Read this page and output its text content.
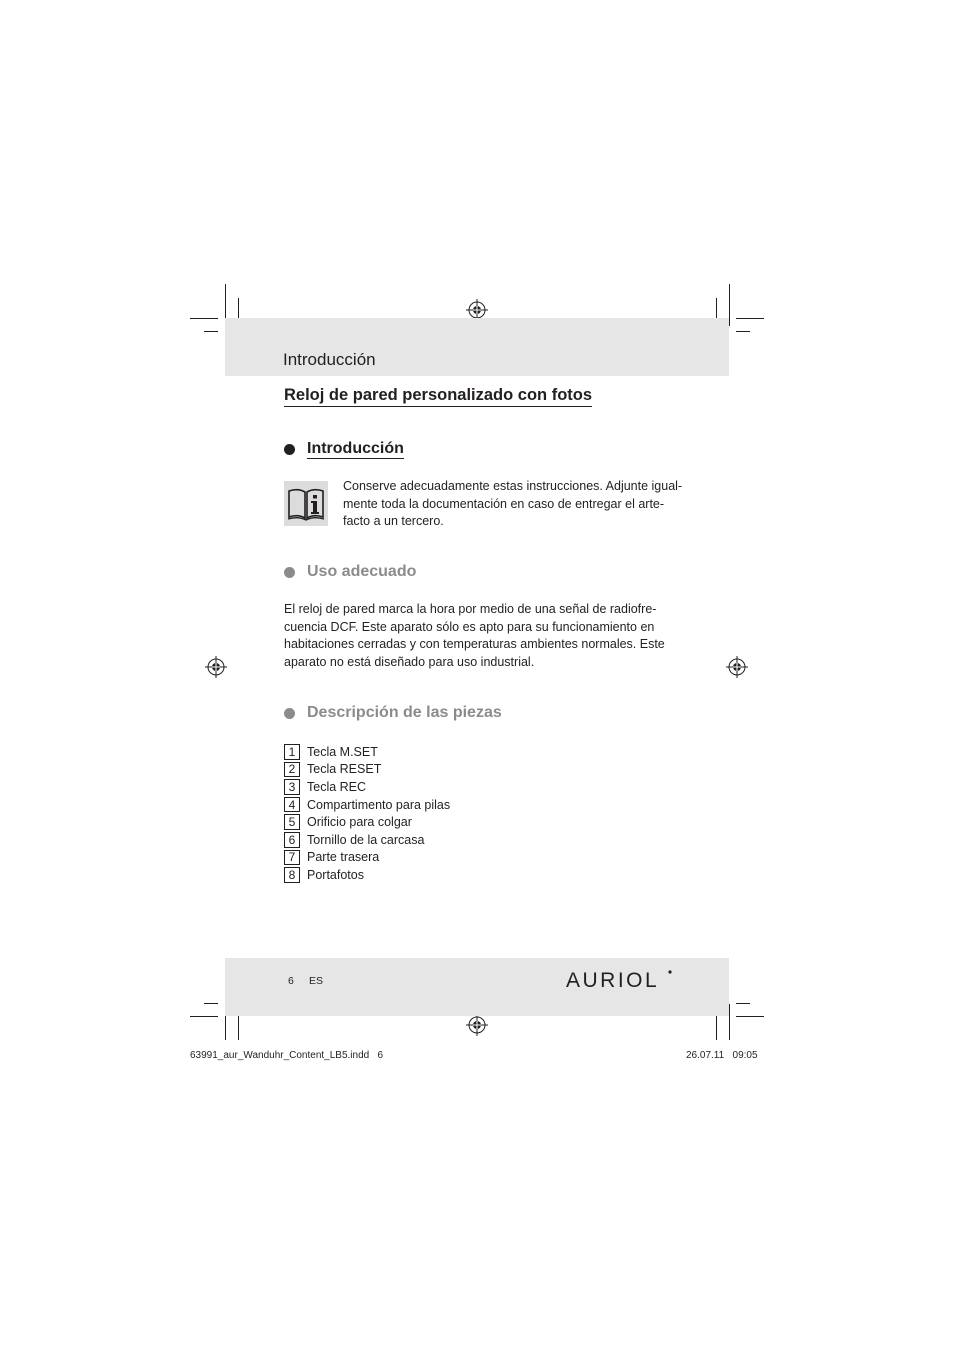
Introducción
Reloj de pared personalizado con fotos
Introducción
Conserve adecuadamente estas instrucciones. Adjunte igual-
mente toda la documentación en caso de entregar el arte-
facto a un tercero.
Uso adecuado
El reloj de pared marca la hora por medio de una señal de radiofre-
cuencia DCF. Este aparato sólo es apto para su funcionamiento en
habitaciones cerradas y con temperaturas ambientes normales. Este
aparato no está diseñado para uso industrial.
Descripción de las piezas
1 Tecla M.SET
2 Tecla RESET
3 Tecla REC
4 Compartimento para pilas
5 Orificio para colgar
6 Tornillo de la carcasa
7 Parte trasera
8 Portafotos
6 ES	AURIOL
63991_aur_Wanduhr_Content_LB5.indd   6	26.07.11   09:05
